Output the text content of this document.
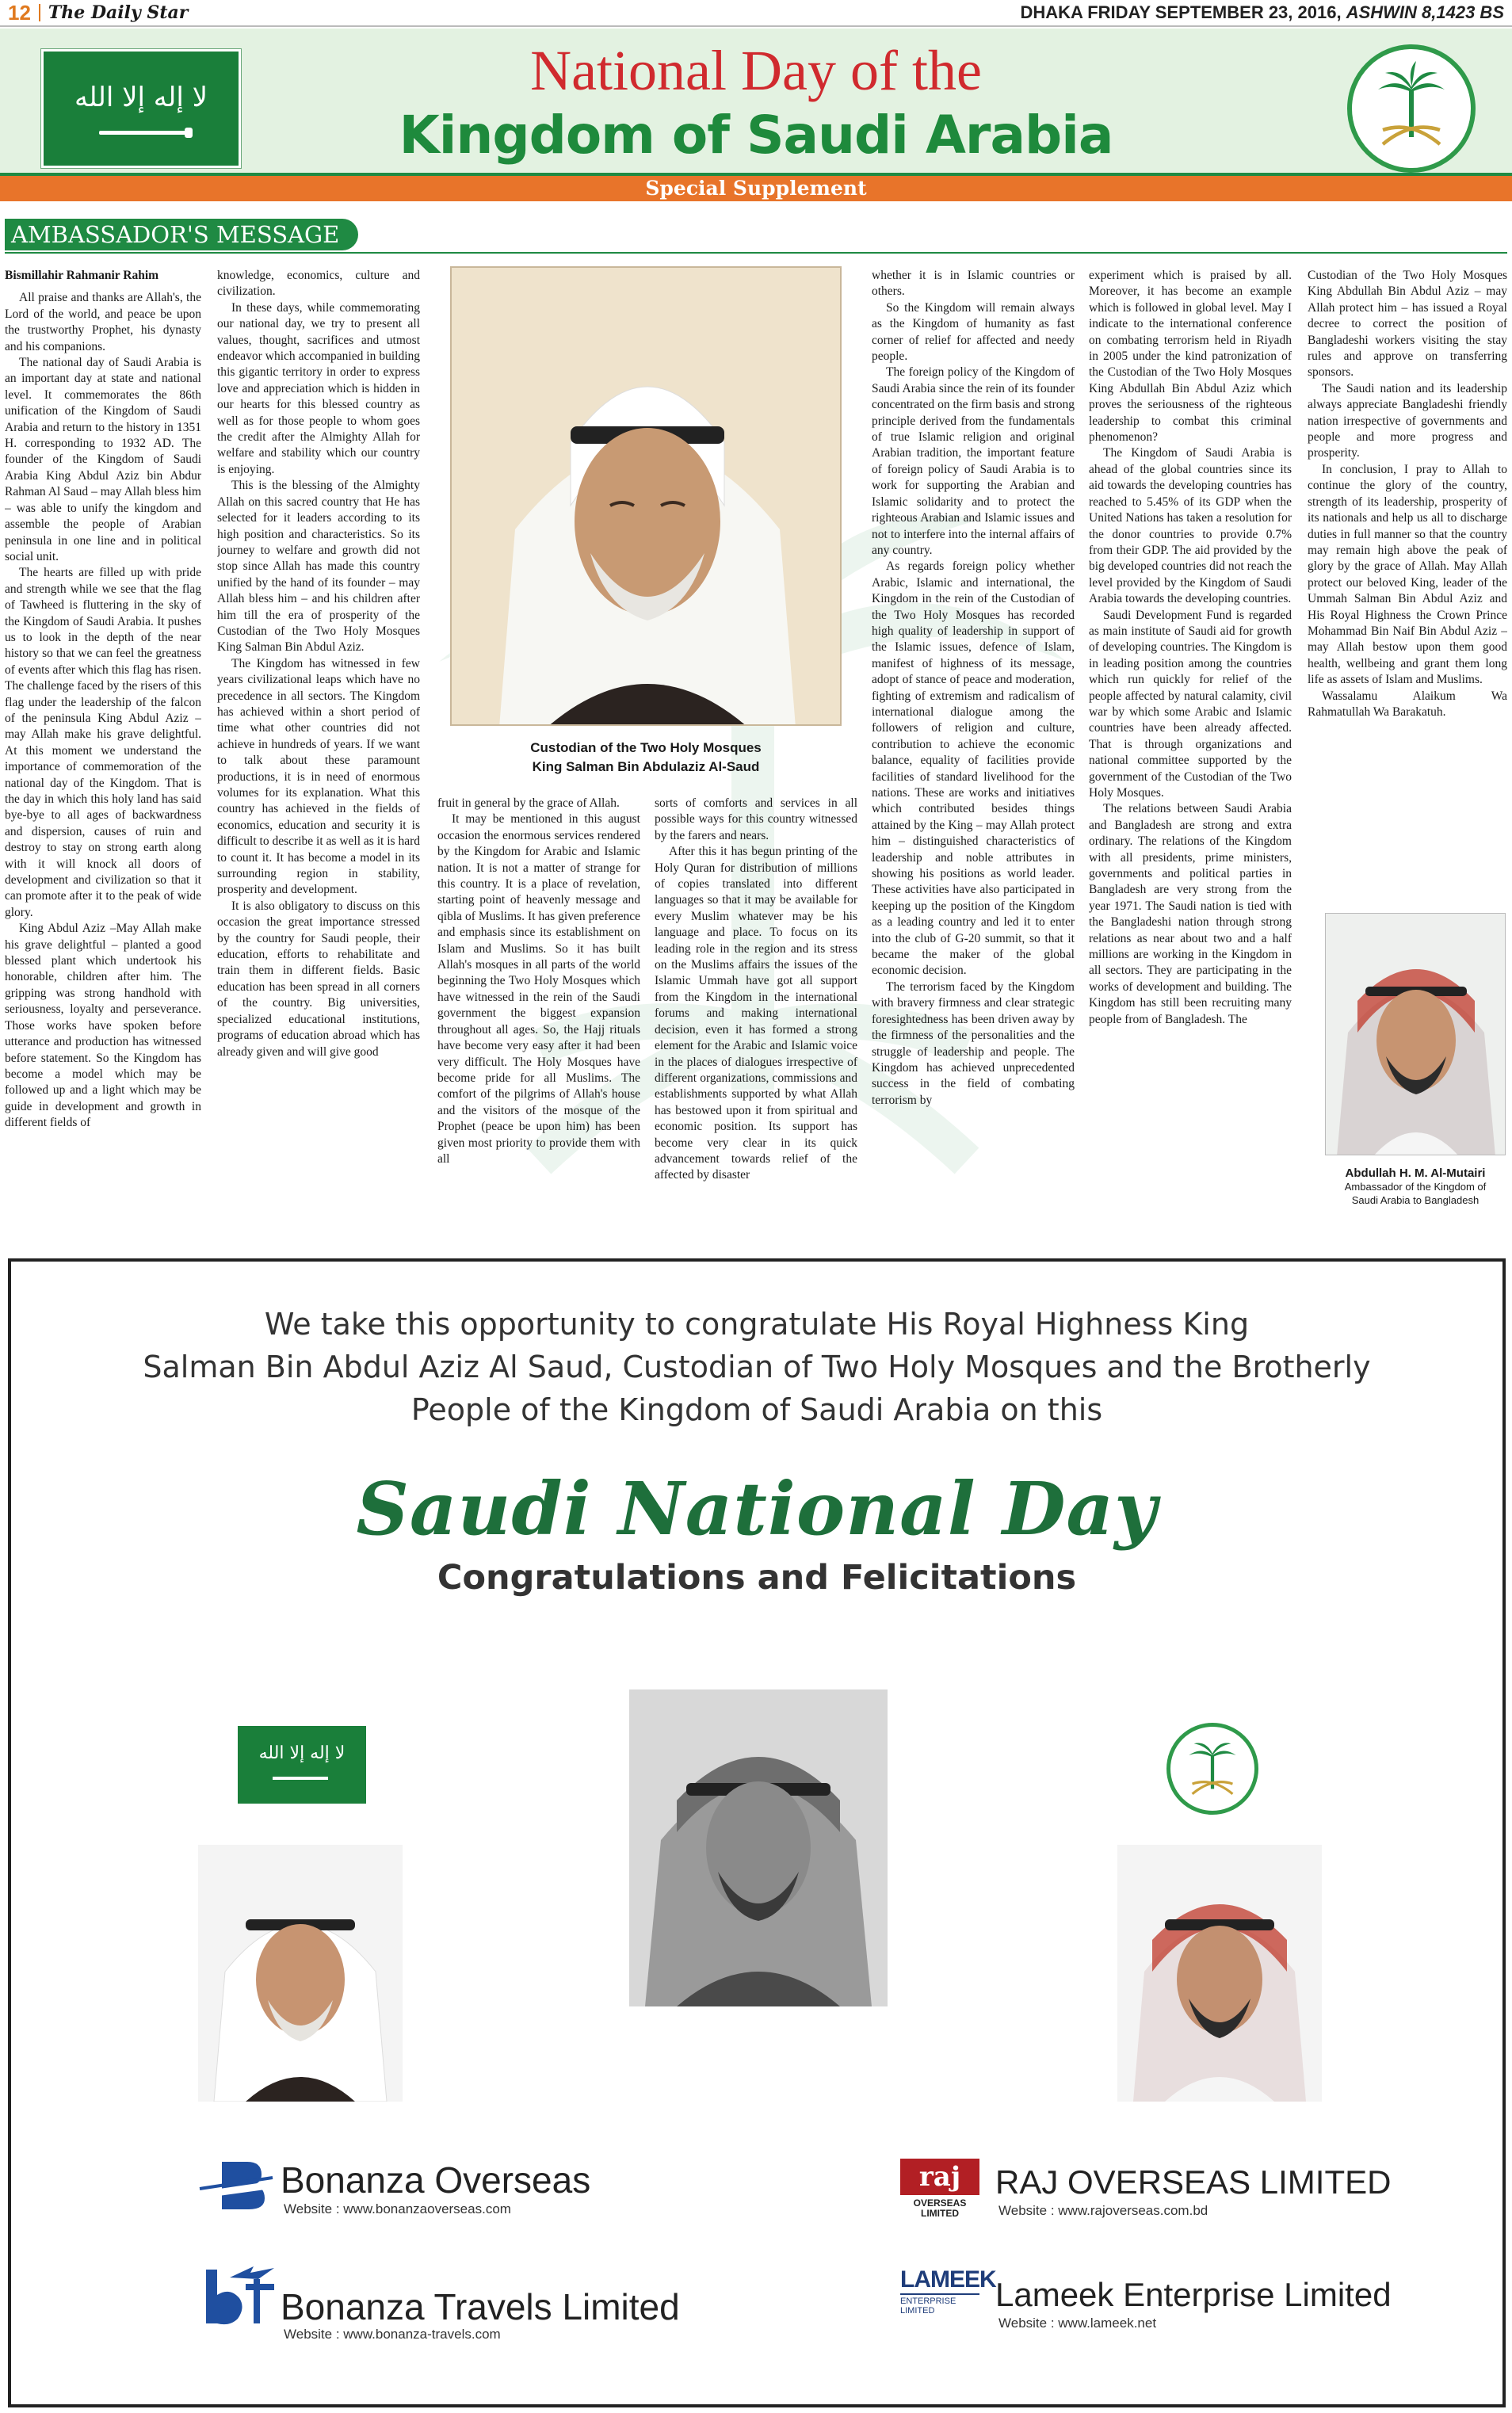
12 The Daily Star	DHAKA FRIDAY SEPTEMBER 23, 2016, ASHWIN 8,1423 BS
لا إله إلا الله	National Day of the
Kingdom of Saudi Arabia
Special Supplement
AMBASSADOR'S MESSAGE

Bismillahir Rahmanir Rahim

All praise and thanks are Allah's, the Lord of the world, and peace be upon the trustworthy Prophet, his dynasty and his companions.

The national day of Saudi Arabia is an important day at state and national level. It commemorates the 86th unification of the Kingdom of Saudi Arabia and return to the history in 1351 H. corresponding to 1932 AD. The founder of the Kingdom of Saudi Arabia King Abdul Aziz bin Abdur Rahman Al Saud – may Allah bless him – was able to unify the kingdom and assemble the people of Arabian peninsula in one line and in political social unit.

The hearts are filled up with pride and strength while we see that the flag of Tawheed is fluttering in the sky of the Kingdom of Saudi Arabia. It pushes us to look in the depth of the near history so that we can feel the greatness of events after which this flag has risen. The challenge faced by the risers of this flag under the leadership of the falcon of the peninsula King Abdul Aziz – may Allah make his grave delightful. At this moment we understand the importance of commemoration of the national day of the Kingdom. That is the day in which this holy land has said bye-bye to all ages of backwardness and dispersion, causes of ruin and destroy to stay on strong earth along with it will knock all doors of development and civilization so that it can promote after it to the peak of wide glory.

King Abdul Aziz –May Allah make his grave delightful – planted a good blessed plant which undertook his honorable, children after him. The gripping was strong handhold with seriousness, loyalty and perseverance. Those works have spoken before utterance and production has witnessed before statement. So the Kingdom has become a model which may be followed up and a light which may be guide in development and growth in different fields of

knowledge, economics, culture and civilization.

In these days, while commemorating our national day, we try to present all values, thought, sacrifices and utmost endeavor which accompanied in building this gigantic territory in order to express love and appreciation which is hidden in our hearts for this blessed country as well as for those people to whom goes the credit after the Almighty Allah for welfare and stability which our country is enjoying.

This is the blessing of the Almighty Allah on this sacred country that He has selected for it leaders according to its high position and characteristics. So its journey to welfare and growth did not stop since Allah has made this country unified by the hand of its founder – may Allah bless him – and his children after him till the era of prosperity of the Custodian of the Two Holy Mosques King Salman Bin Abdul Aziz.

The Kingdom has witnessed in few years civilizational leaps which have no precedence in all sectors. The Kingdom has achieved within a short period of time what other countries did not achieve in hundreds of years. If we want to talk about these paramount productions, it is in need of enormous volumes for its explanation. What this country has achieved in the fields of economics, education and security it is difficult to describe it as well as it is hard to count it. It has become a model in its surrounding region in stability, prosperity and development.

It is also obligatory to discuss on this occasion the great importance stressed by the country for Saudi people, their education, efforts to rehabilitate and train them in different fields. Basic education has been spread in all corners of the country. Big universities, specialized educational institutions, programs of education abroad which has already given and will give good

Custodian of the Two Holy Mosques
King Salman Bin Abdulaziz Al-Saud

fruit in general by the grace of Allah.

It may be mentioned in this august occasion the enormous services rendered by the Kingdom for Arabic and Islamic nation. It is not a matter of strange for this country. It is a place of revelation, starting point of heavenly message and qibla of Muslims. It has given preference and emphasis since its establishment on Islam and Muslims. So it has built Allah's mosques in all parts of the world beginning the Two Holy Mosques which have witnessed in the rein of the Saudi government the biggest expansion throughout all ages. So, the Hajj rituals have become very easy after it had been very difficult. The Holy Mosques have become pride for all Muslims. The comfort of the pilgrims of Allah's house and the visitors of the mosque of the Prophet (peace be upon him) has been given most priority to provide them with all

sorts of comforts and services in all possible ways for this country witnessed by the farers and nears.

After this it has begun printing of the Holy Quran for distribution of millions of copies translated into different languages so that it may be available for every Muslim whatever may be his language and place. To focus on its leading role in the region and its stress on the Muslims affairs the issues of the Islamic Ummah have got all support from the Kingdom in the international forums and making international decision, even it has formed a strong element for the Arabic and Islamic voice in the places of dialogues irrespective of different organizations, commissions and establishments supported by what Allah has bestowed upon it from spiritual and economic position. Its support has become very clear in its quick advancement towards relief of the affected by disaster

whether it is in Islamic countries or others.

So the Kingdom will remain always as the Kingdom of humanity as fast corner of relief for affected and needy people.

The foreign policy of the Kingdom of Saudi Arabia since the rein of its founder concentrated on the firm basis and strong principle derived from the fundamentals of true Islamic religion and original Arabian tradition, the important feature of foreign policy of Saudi Arabia is to work for supporting the Arabian and Islamic solidarity and to protect the righteous Arabian and Islamic issues and not to interfere into the internal affairs of any country.

As regards foreign policy whether Arabic, Islamic and international, the Kingdom in the rein of the Custodian of the Two Holy Mosques has recorded high quality of leadership in support of the Islamic issues, defence of Islam, manifest of highness of its message, adopt of stance of peace and moderation, fighting of extremism and radicalism of international dialogue among the followers of religion and culture, contribution to achieve the economic balance, equality of facilities provide facilities of standard livelihood for the nations. These are works and initiatives which contributed besides things attained by the King – may Allah protect him – distinguished characteristics of leadership and noble attributes in showing his positions as world leader. These activities have also participated in keeping up the position of the Kingdom as a leading country and led it to enter into the club of G-20 summit, so that it became the maker of the global economic decision.

The terrorism faced by the Kingdom with bravery firmness and clear strategic foresightedness has been driven away by the firmness of the personalities and the struggle of leadership and people. The Kingdom has achieved unprecedented success in the field of combating terrorism by

experiment which is praised by all. Moreover, it has become an example which is followed in global level. May I indicate to the international conference on combating terrorism held in Riyadh in 2005 under the kind patronization of the Custodian of the Two Holy Mosques King Abdullah Bin Abdul Aziz which proves the seriousness of the righteous leadership to combat this criminal phenomenon?

The Kingdom of Saudi Arabia is ahead of the global countries since its aid towards the developing countries has reached to 5.45% of its GDP when the United Nations has taken a resolution for the donor countries to provide 0.7% from their GDP. The aid provided by the big developed countries did not reach the level provided by the Kingdom of Saudi Arabia towards the developing countries.

Saudi Development Fund is regarded as main institute of Saudi aid for growth of developing countries. The Kingdom is in leading position among the countries which run quickly for relief of the people affected by natural calamity, civil war by which some Arabic and Islamic countries have been already affected. That is through organizations and national committee supported by the government of the Custodian of the Two Holy Mosques.

The relations between Saudi Arabia and Bangladesh are strong and extra ordinary. The relations of the Kingdom with all presidents, prime ministers, governments and political parties in Bangladesh are very strong from the year 1971. The Saudi nation is tied with the Bangladeshi nation through strong relations as near about two and a half millions are working in the Kingdom in all sectors. They are participating in the works of development and building. The Kingdom has still been recruiting many people from of Bangladesh. The

Custodian of the Two Holy Mosques King Abdullah Bin Abdul Aziz – may Allah protect him – has issued a Royal decree to correct the position of Bangladeshi workers visiting the stay rules and approve on transferring sponsors.

The Saudi nation and its leadership always appreciate Bangladeshi friendly nation irrespective of governments and people and more progress and prosperity.

In conclusion, I pray to Allah to continue the glory of the country, strength of its leadership, prosperity of its nationals and help us all to discharge duties in full manner so that the country may remain high above the peak of glory by the grace of Allah. May Allah protect our beloved King, leader of the Ummah Salman Bin Abdul Aziz and His Royal Highness the Crown Prince Mohammad Bin Naif Bin Abdul Aziz – may Allah bestow upon them good health, wellbeing and grant them long life as assets of Islam and Muslims.

Wassalamu Alaikum Wa Rahmatullah Wa Barakatuh.

Abdullah H. M. Al-Mutairi
Ambassador of the Kingdom of
Saudi Arabia to Bangladesh
We take this opportunity to congratulate His Royal Highness King
Salman Bin Abdul Aziz Al Saud, Custodian of Two Holy Mosques and the Brotherly
People of the Kingdom of Saudi Arabia on this
Saudi National Day
Congratulations and Felicitations
لا إله إلا الله
Bonanza Overseas
Website : www.bonanzaoverseas.com
Bonanza Travels Limited
Website : www.bonanza-travels.com
raj
OVERSEAS LIMITED
RAJ OVERSEAS LIMITED
Website : www.rajoverseas.com.bd
LAMEEK
ENTERPRISE LIMITED	Lameek Enterprise Limited
Website : www.lameek.net
